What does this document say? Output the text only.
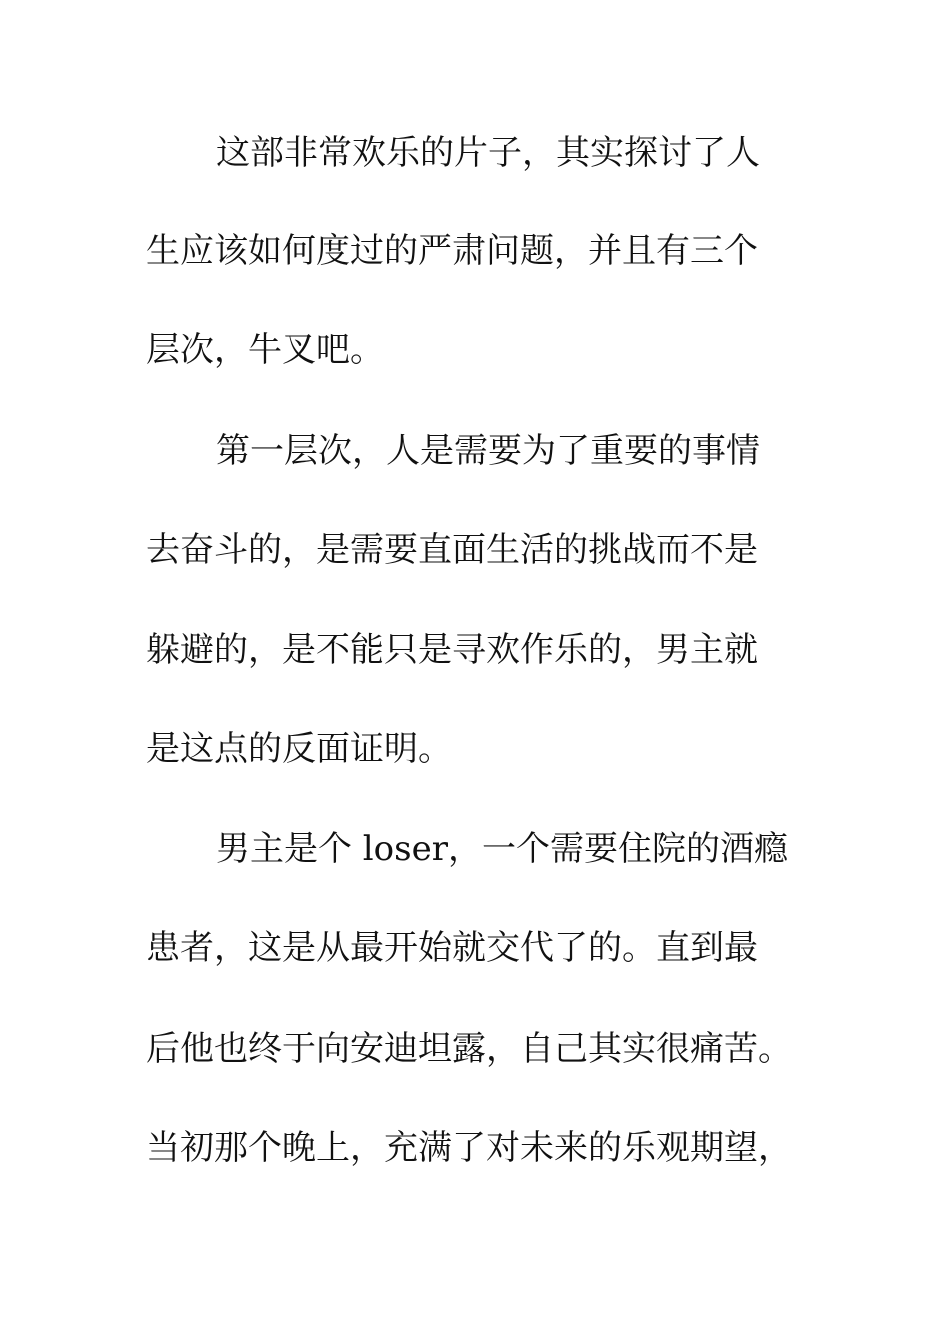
这部非常欢乐的片子，其实探讨了人
生应该如何度过的严肃问题，并且有三个
层次，牛叉吧。
第一层次，人是需要为了重要的事情
去奋斗的，是需要直面生活的挑战而不是
躲避的，是不能只是寻欢作乐的，男主就
是这点的反面证明。
男主是个 loser，一个需要住院的酒瘾
患者，这是从最开始就交代了的。直到最
后他也终于向安迪坦露，自己其实很痛苦。
当初那个晚上，充满了对未来的乐观期望，
